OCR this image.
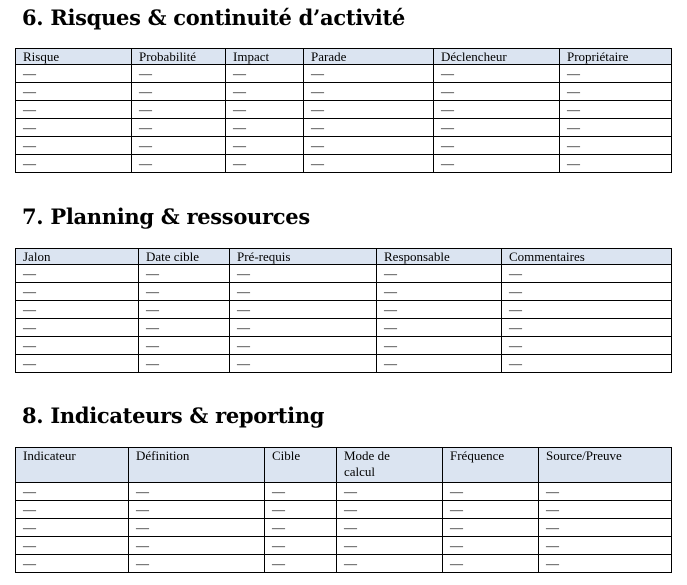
6. Risques & continuité d’activité
Risque	Probabilité	Impact	Parade	Déclencheur	Propriétaire
—	—	—	—	—	—
—	—	—	—	—	—
—	—	—	—	—	—
—	—	—	—	—	—
—	—	—	—	—	—
—	—	—	—	—	—
7. Planning & ressources
Jalon	Date cible	Pré-requis	Responsable	Commentaires
—	—	—	—	—
—	—	—	—	—
—	—	—	—	—
—	—	—	—	—
—	—	—	—	—
—	—	—	—	—
8. Indicateurs & reporting
Indicateur	Définition	Cible	Mode de calcul	Fréquence	Source/Preuve
—	—	—	—	—	—
—	—	—	—	—	—
—	—	—	—	—	—
—	—	—	—	—	—
—	—	—	—	—	—
